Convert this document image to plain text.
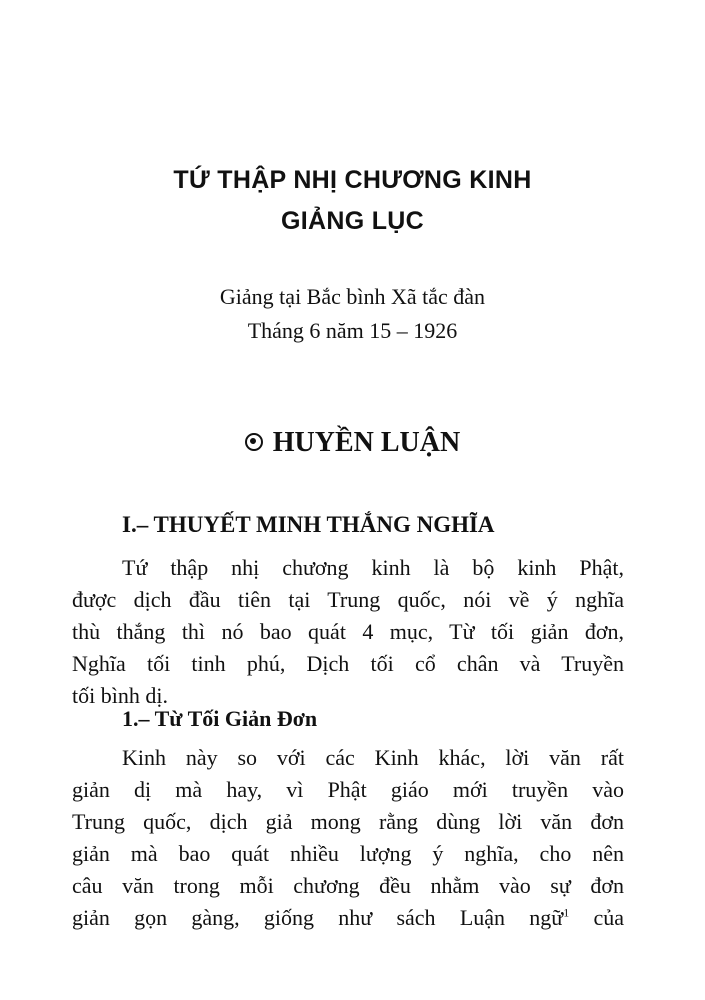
TỨ THẬP NHỊ CHƯƠNG KINH
GIẢNG LỤC
Giảng tại Bắc bình Xã tắc đàn
Tháng 6 năm 15 – 1926
HUYỀN LUẬN
I.– THUYẾT MINH THẮNG NGHĨA
Tứ thập nhị chương kinh là bộ kinh Phật,
được dịch đầu tiên tại Trung quốc, nói về ý nghĩa
thù thắng thì nó bao quát 4 mục, Từ tối giản đơn,
Nghĩa tối tinh phú, Dịch tối cổ chân và Truyền
tối bình dị.
1.– Từ Tối Giản Đơn
Kinh này so với các Kinh khác, lời văn rất
giản dị mà hay, vì Phật giáo mới truyền vào
Trung quốc, dịch giả mong rằng dùng lời văn đơn
giản mà bao quát nhiều lượng ý nghĩa, cho nên
câu văn trong mỗi chương đều nhằm vào sự đơn
giản gọn gàng, giống như sách Luận ngữ$^1$ của
